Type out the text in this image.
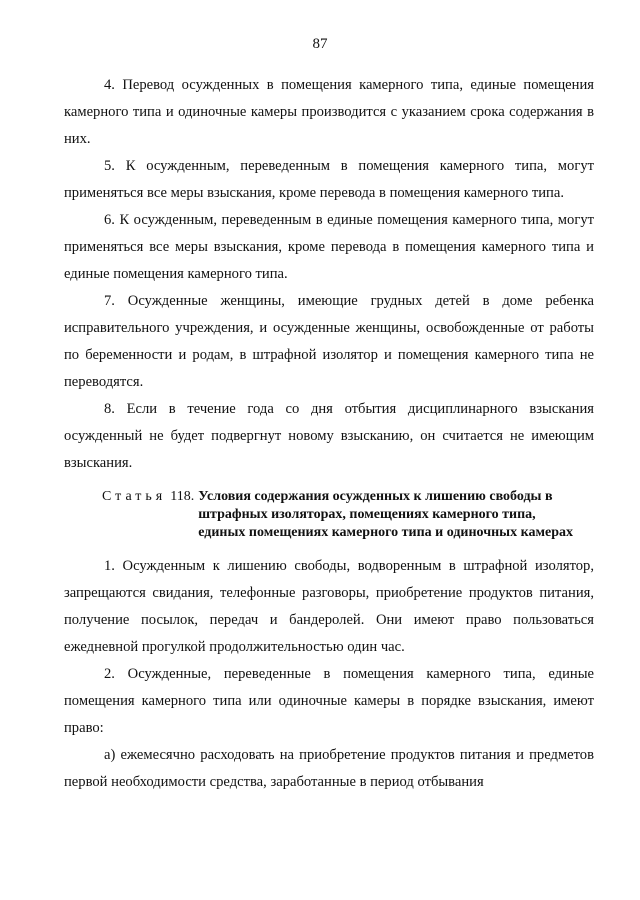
87

4. Перевод осужденных в помещения камерного типа, единые помещения камерного типа и одиночные камеры производится с указанием срока содержания в них.

5. К осужденным, переведенным в помещения камерного типа, могут применяться все меры взыскания, кроме перевода в помещения камерного типа.

6. К осужденным, переведенным в единые помещения камерного типа, могут применяться все меры взыскания, кроме перевода в помещения камерного типа и единые помещения камерного типа.

7. Осужденные женщины, имеющие грудных детей в доме ребенка исправительного учреждения, и осужденные женщины, освобожденные от работы по беременности и родам, в штрафной изолятор и помещения камерного типа не переводятся.

8. Если в течение года со дня отбытия дисциплинарного взыскания осужденный не будет подвергнут новому взысканию, он считается не имеющим взыскания.

Статья 118. Условия содержания осужденных к лишению свободы в штрафных изоляторах, помещениях камерного типа, единых помещениях камерного типа и одиночных камерах

1. Осужденным к лишению свободы, водворенным в штрафной изолятор, запрещаются свидания, телефонные разговоры, приобретение продуктов питания, получение посылок, передач и бандеролей. Они имеют право пользоваться ежедневной прогулкой продолжительностью один час.

2. Осужденные, переведенные в помещения камерного типа, единые помещения камерного типа или одиночные камеры в порядке взыскания, имеют право:

а) ежемесячно расходовать на приобретение продуктов питания и предметов первой необходимости средства, заработанные в период отбывания
